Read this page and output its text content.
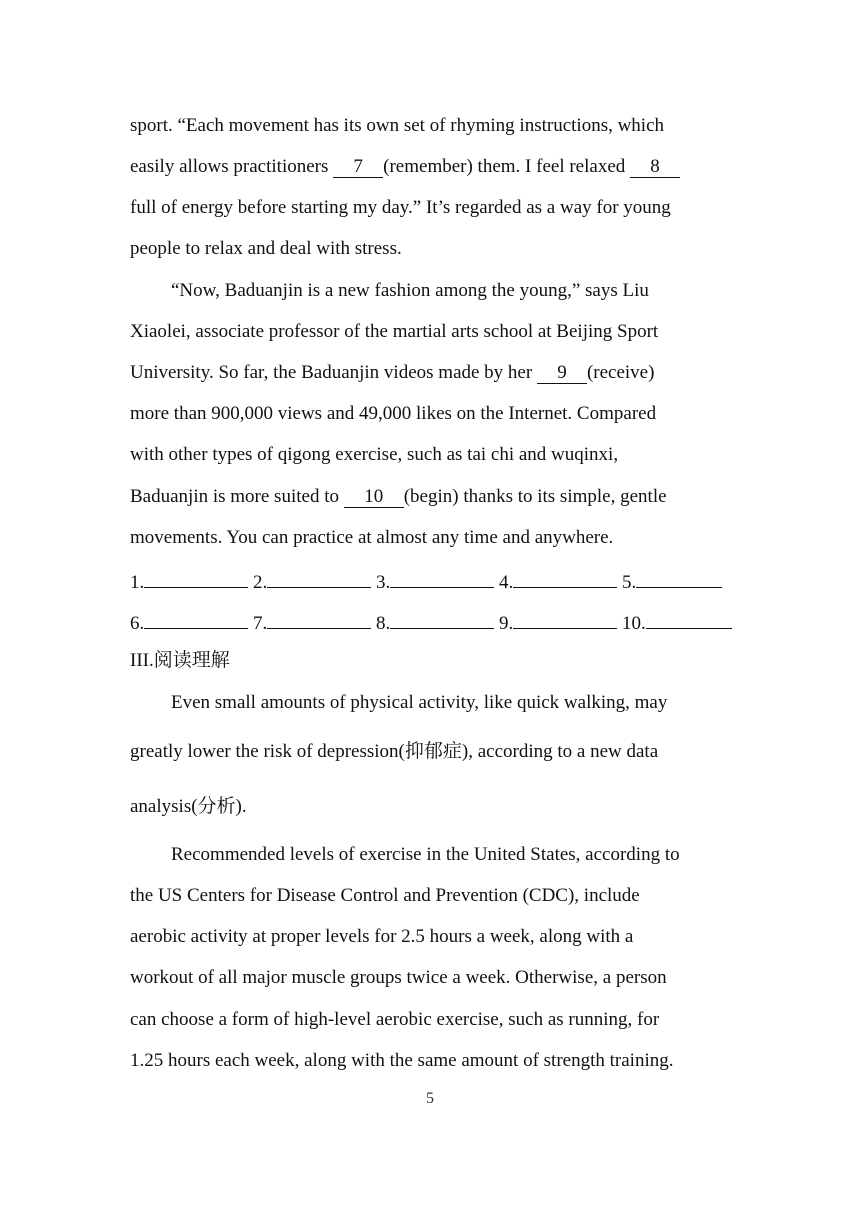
sport. “Each movement has its own set of rhyming instructions, which
easily allows practitioners 7 (remember) them. I feel relaxed 8
full of energy before starting my day.” It’s regarded as a way for young
people to relax and deal with stress.
“Now, Baduanjin is a new fashion among the young,” says Liu
Xiaolei, associate professor of the martial arts school at Beijing Sport
University. So far, the Baduanjin videos made by her 9 (receive)
more than 900,000 views and 49,000 likes on the Internet. Compared
with other types of qigong exercise, such as tai chi and wuqinxi,
Baduanjin is more suited to 10 (begin) thanks to its simple, gentle
movements. You can practice at almost any time and anywhere.
1.	2.	3.	4.	5.
6.	7.	8.	9.	10.
III.阅读理解
Even small amounts of physical activity, like quick walking, may
greatly lower the risk of depression(抑郁症), according to a new data
analysis(分析).
Recommended levels of exercise in the United States, according to
the US Centers for Disease Control and Prevention (CDC), include
aerobic activity at proper levels for 2.5 hours a week, along with a
workout of all major muscle groups twice a week. Otherwise, a person
can choose a form of high-level aerobic exercise, such as running, for
1.25 hours each week, along with the same amount of strength training.
5
